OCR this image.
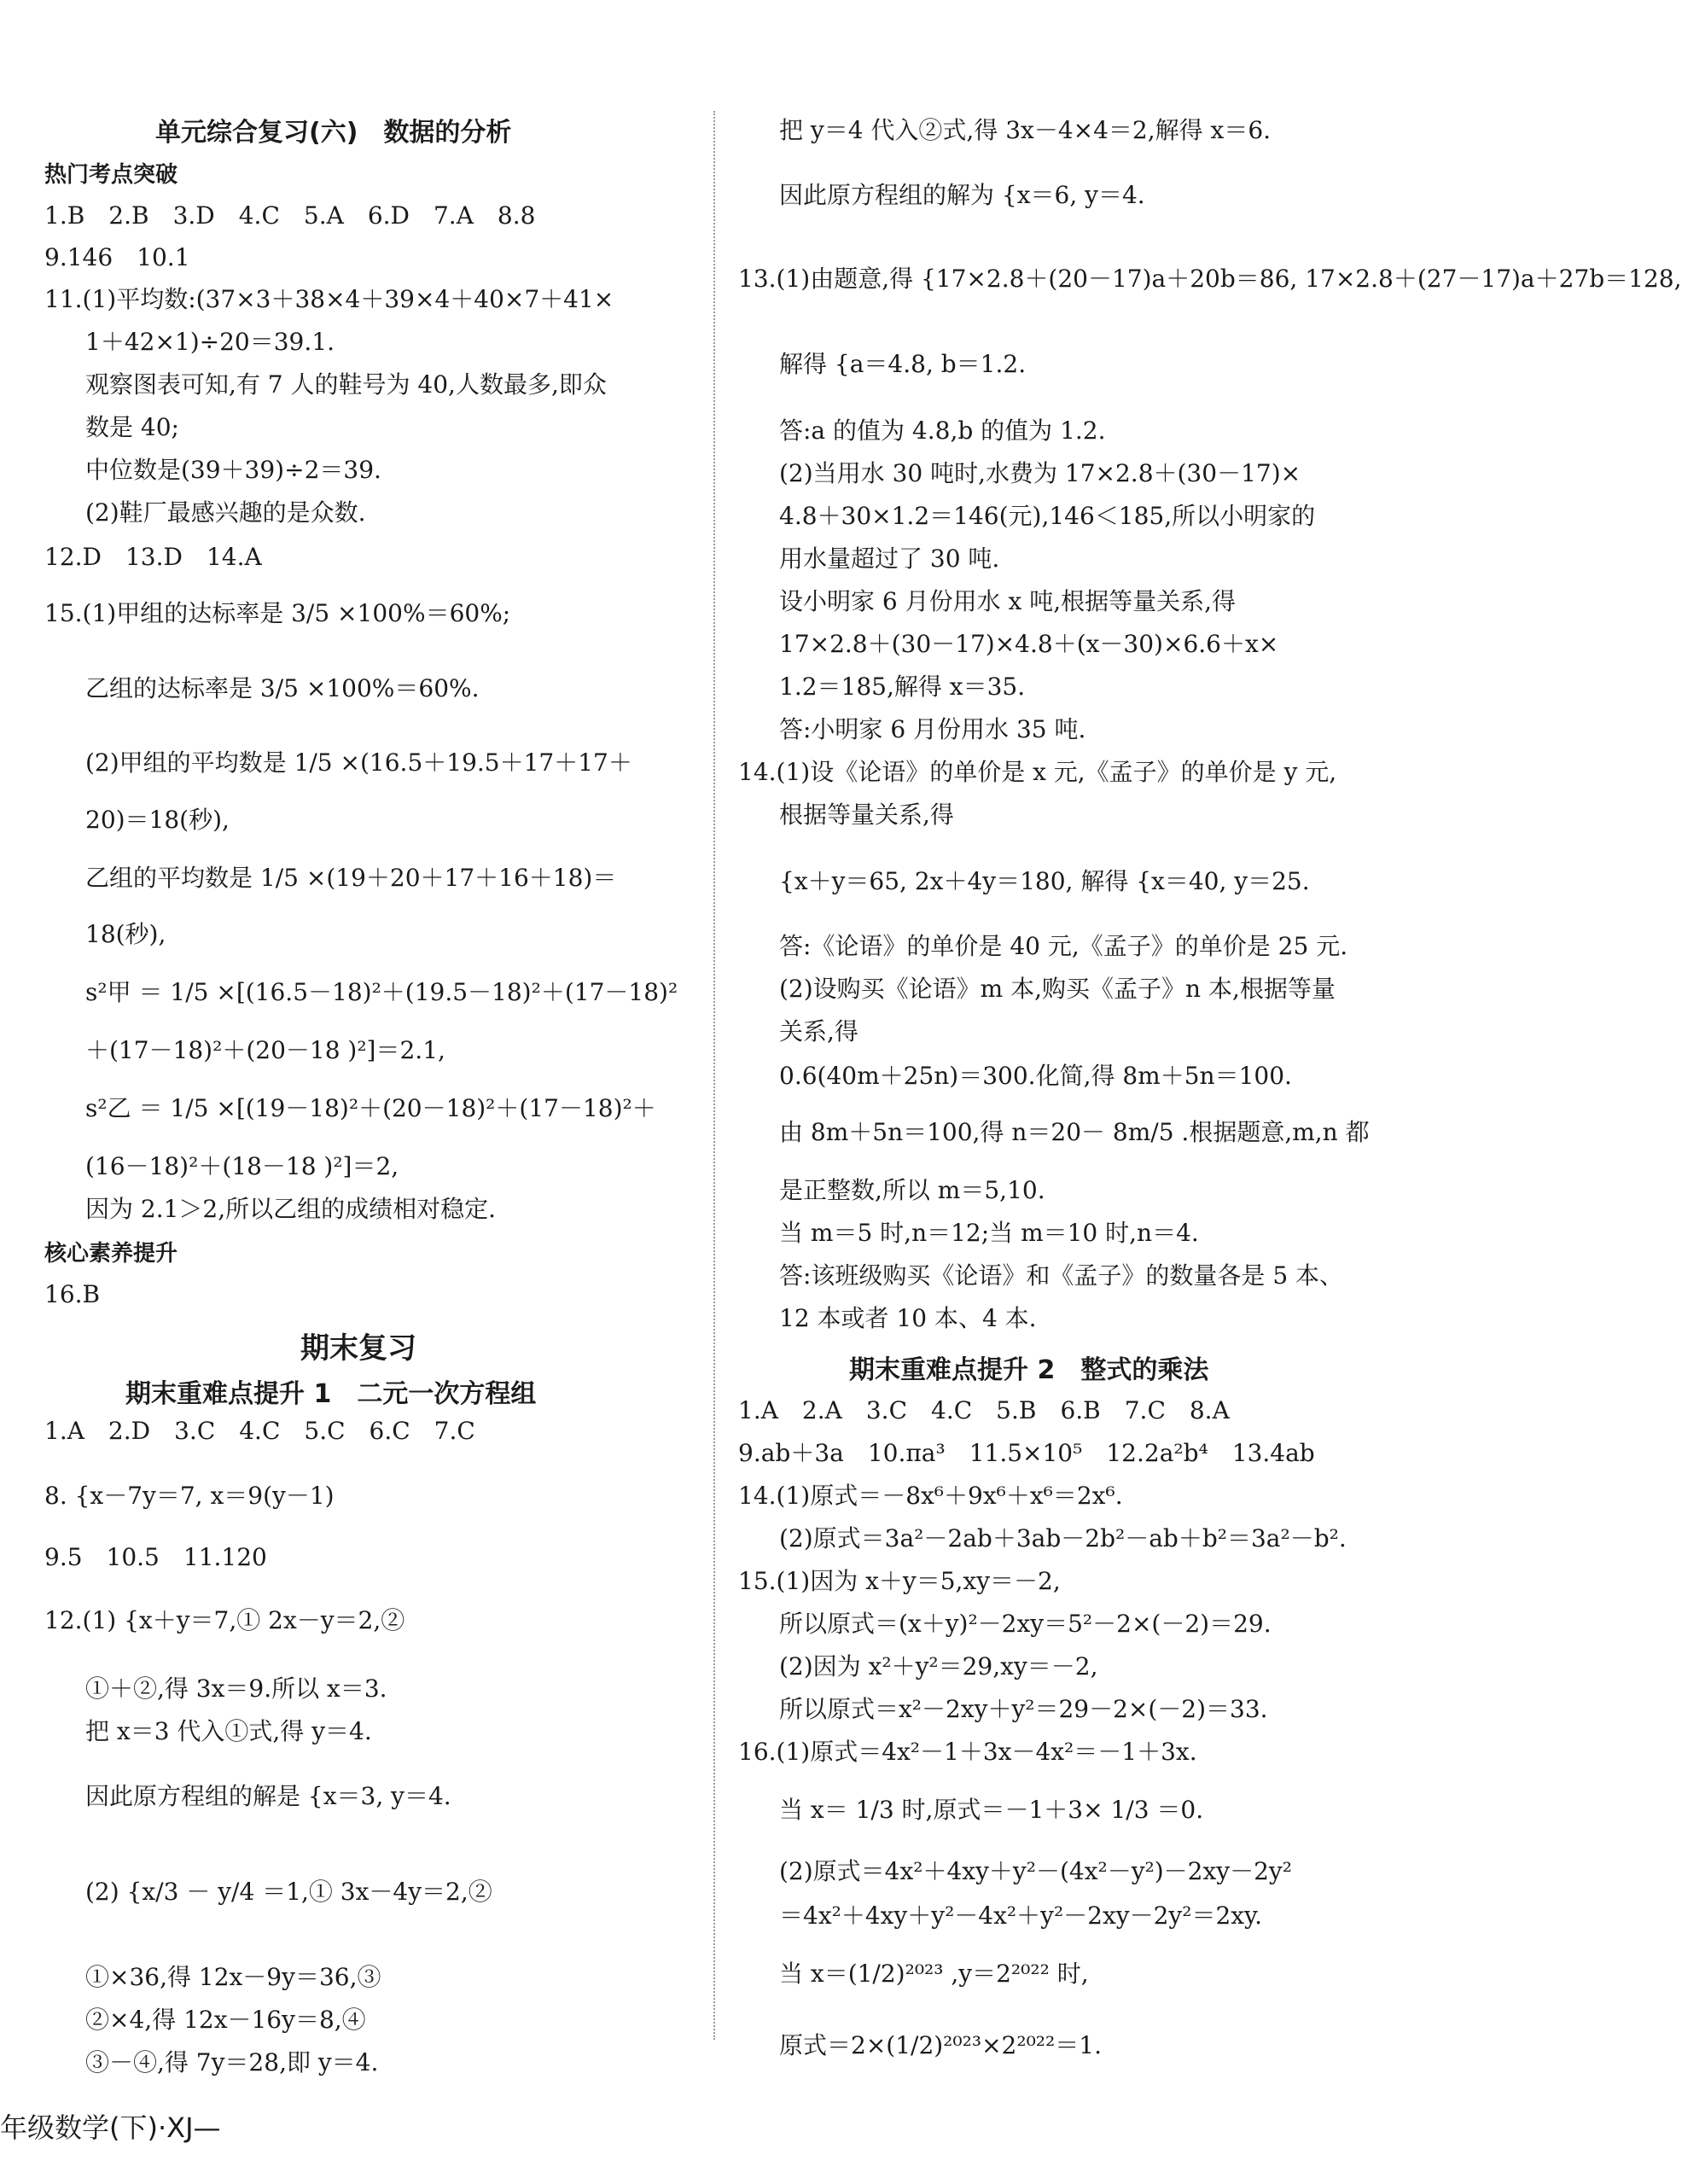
单元综合复习(六)　数据的分析
热门考点突破
1.B　2.B　3.D　4.C　5.A　6.D　7.A　8.8
9.146　10.1
11.(1)平均数:(37×3＋38×4＋39×4＋40×7＋41×
1＋42×1)÷20＝39.1.
观察图表可知,有 7 人的鞋号为 40,人数最多,即众
数是 40;
中位数是(39＋39)÷2＝39.
(2)鞋厂最感兴趣的是众数.
12.D　13.D　14.A
15.(1)甲组的达标率是 3/5 ×100%＝60%;
乙组的达标率是 3/5 ×100%＝60%.
(2)甲组的平均数是 1/5 ×(16.5＋19.5＋17＋17＋
20)＝18(秒),
乙组的平均数是 1/5 ×(19＋20＋17＋16＋18)＝
18(秒),
s²甲 ＝ 1/5 ×[(16.5－18)²＋(19.5－18)²＋(17－18)²
＋(17－18)²＋(20－18 )²]＝2.1,
s²乙 ＝ 1/5 ×[(19－18)²＋(20－18)²＋(17－18)²＋
(16－18)²＋(18－18 )²]＝2,
因为 2.1＞2,所以乙组的成绩相对稳定.
核心素养提升
16.B
期末复习
期末重难点提升 1　二元一次方程组
1.A　2.D　3.C　4.C　5.C　6.C　7.C
8. {x－7y＝7, x＝9(y－1)
9.5　10.5　11.120
12.(1) {x＋y＝7,① 2x－y＝2,②
①＋②,得 3x＝9.所以 x＝3.
把 x＝3 代入①式,得 y＝4.
因此原方程组的解是 {x＝3, y＝4.
(2) {x/3 － y/4 ＝1,① 3x－4y＝2,②
①×36,得 12x－9y＝36,③
②×4,得 12x－16y＝8,④
③－④,得 7y＝28,即 y＝4.
把 y＝4 代入②式,得 3x－4×4＝2,解得 x＝6.
因此原方程组的解为 {x＝6, y＝4.
13.(1)由题意,得 {17×2.8＋(20－17)a＋20b＝86, 17×2.8＋(27－17)a＋27b＝128,
解得 {a＝4.8, b＝1.2.
答:a 的值为 4.8,b 的值为 1.2.
(2)当用水 30 吨时,水费为 17×2.8＋(30－17)×
4.8＋30×1.2＝146(元),146＜185,所以小明家的
用水量超过了 30 吨.
设小明家 6 月份用水 x 吨,根据等量关系,得
17×2.8＋(30－17)×4.8＋(x－30)×6.6＋x×
1.2＝185,解得 x＝35.
答:小明家 6 月份用水 35 吨.
14.(1)设《论语》的单价是 x 元,《孟子》的单价是 y 元,
根据等量关系,得
{x＋y＝65, 2x＋4y＝180, 解得 {x＝40, y＝25.
答:《论语》的单价是 40 元,《孟子》的单价是 25 元.
(2)设购买《论语》m 本,购买《孟子》n 本,根据等量
关系,得
0.6(40m＋25n)＝300.化简,得 8m＋5n＝100.
由 8m＋5n＝100,得 n＝20－ 8m/5 .根据题意,m,n 都
是正整数,所以 m＝5,10.
当 m＝5 时,n＝12;当 m＝10 时,n＝4.
答:该班级购买《论语》和《孟子》的数量各是 5 本、
12 本或者 10 本、4 本.
期末重难点提升 2　整式的乘法
1.A　2.A　3.C　4.C　5.B　6.B　7.C　8.A
9.ab＋3a　10.πa³　11.5×10⁵　12.2a²b⁴　13.4ab
14.(1)原式＝－8x⁶＋9x⁶＋x⁶＝2x⁶.
(2)原式＝3a²－2ab＋3ab－2b²－ab＋b²＝3a²－b².
15.(1)因为 x＋y＝5,xy＝－2,
所以原式＝(x＋y)²－2xy＝5²－2×(－2)＝29.
(2)因为 x²＋y²＝29,xy＝－2,
所以原式＝x²－2xy＋y²＝29－2×(－2)＝33.
16.(1)原式＝4x²－1＋3x－4x²＝－1＋3x.
当 x＝ 1/3 时,原式＝－1＋3× 1/3 ＝0.
(2)原式＝4x²＋4xy＋y²－(4x²－y²)－2xy－2y²
＝4x²＋4xy＋y²－4x²＋y²－2xy－2y²＝2xy.
当 x＝(1/2)²⁰²³ ,y＝2²⁰²² 时,
原式＝2×(1/2)²⁰²³×2²⁰²²＝1.
年级数学(下)·XJ—
